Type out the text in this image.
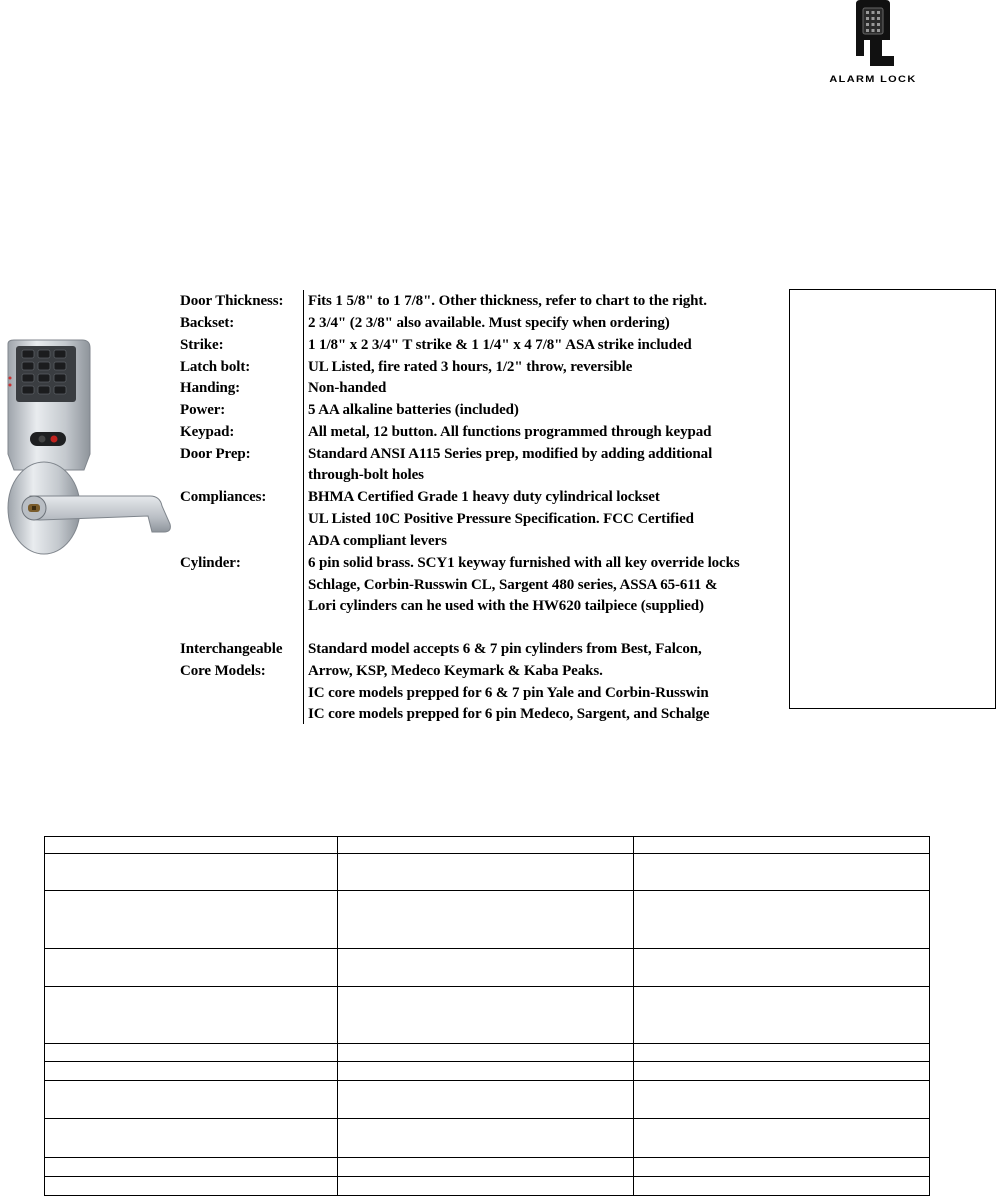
ALARM LOCK
Door Thickness:	Fits 1 5/8" to 1 7/8". Other thickness, refer to chart to the right.
Backset:	2 3/4" (2 3/8" also available. Must specify when ordering)
Strike:	1 1/8" x 2 3/4" T strike & 1 1/4" x 4 7/8" ASA strike included
Latch bolt:	UL Listed, fire rated 3 hours, 1/2" throw, reversible
Handing:	Non-handed
Power:	5 AA alkaline batteries (included)
Keypad:	All metal, 12 button. All functions programmed through keypad
Door Prep:	Standard ANSI A115 Series prep, modified by adding additional
through-bolt holes
Compliances:	BHMA Certified Grade 1 heavy duty cylindrical lockset
UL Listed 10C Positive Pressure Specification. FCC Certified
ADA compliant levers
Cylinder:	6 pin solid brass. SCY1 keyway furnished with all key override locks
Schlage, Corbin-Russwin CL, Sargent 480 series, ASSA 65-611 &
Lori cylinders can he used with the HW620 tailpiece (supplied)
Interchangeable	Standard model accepts 6 & 7 pin cylinders from Best, Falcon,
Core Models:	Arrow, KSP, Medeco Keymark & Kaba Peaks.
IC core models prepped for 6 & 7 pin Yale and Corbin-Russwin
IC core models prepped for 6 pin Medeco, Sargent, and Schalge
